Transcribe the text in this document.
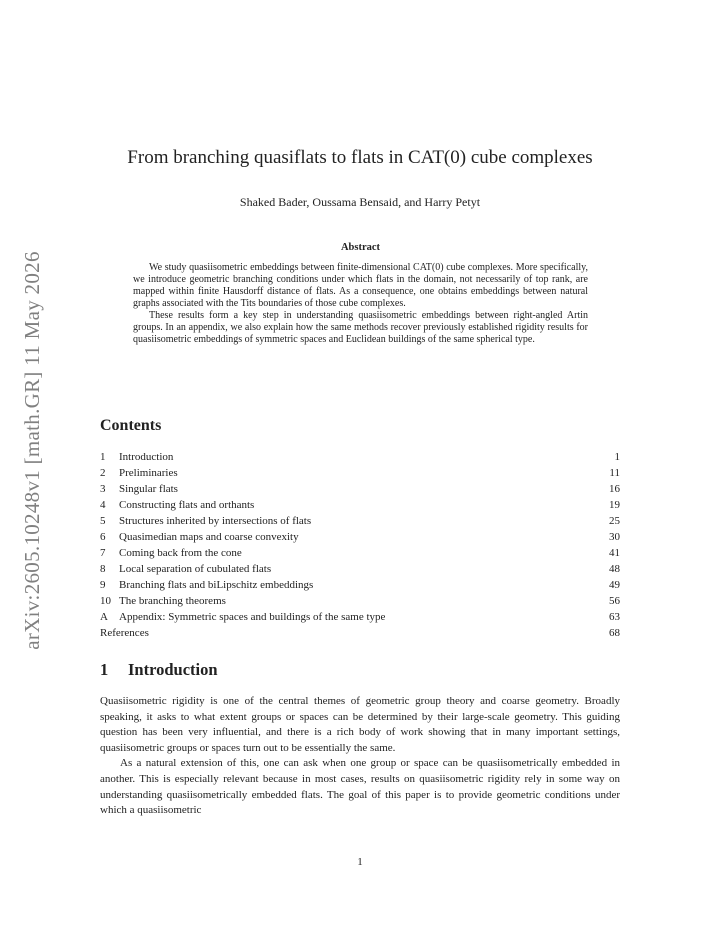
arXiv:2605.10248v1 [math.GR] 11 May 2026
From branching quasiflats to flats in CAT(0) cube complexes
Shaked Bader, Oussama Bensaid, and Harry Petyt
Abstract

We study quasiisometric embeddings between finite-dimensional CAT(0) cube complexes. More specifically, we introduce geometric branching conditions under which flats in the domain, not necessarily of top rank, are mapped within finite Hausdorff distance of flats. As a consequence, one obtains embeddings between natural graphs associated with the Tits boundaries of those cube complexes.

These results form a key step in understanding quasiisometric embeddings between right-angled Artin groups. In an appendix, we also explain how the same methods recover previously established rigidity results for quasiisometric embeddings of symmetric spaces and Euclidean buildings of the same spherical type.

Contents
1	Introduction	1
2	Preliminaries	11
3	Singular flats	16
4	Constructing flats and orthants	19
5	Structures inherited by intersections of flats	25
6	Quasimedian maps and coarse convexity	30
7	Coming back from the cone	41
8	Local separation of cubulated flats	48
9	Branching flats and biLipschitz embeddings	49
10 The branching theorems	56
A	Appendix: Symmetric spaces and buildings of the same type	63
References	68
1 Introduction

Quasiisometric rigidity is one of the central themes of geometric group theory and coarse geometry. Broadly speaking, it asks to what extent groups or spaces can be determined by their large-scale geometry. This guiding question has been very influential, and there is a rich body of work showing that in many important settings, quasiisometric groups or spaces turn out to be essentially the same.

As a natural extension of this, one can ask when one group or space can be quasiisometrically embedded in another. This is especially relevant because in most cases, results on quasiisometric rigidity rely in some way on understanding quasiisometrically embedded flats. The goal of this paper is to provide geometric conditions under which a quasiisometric

1
